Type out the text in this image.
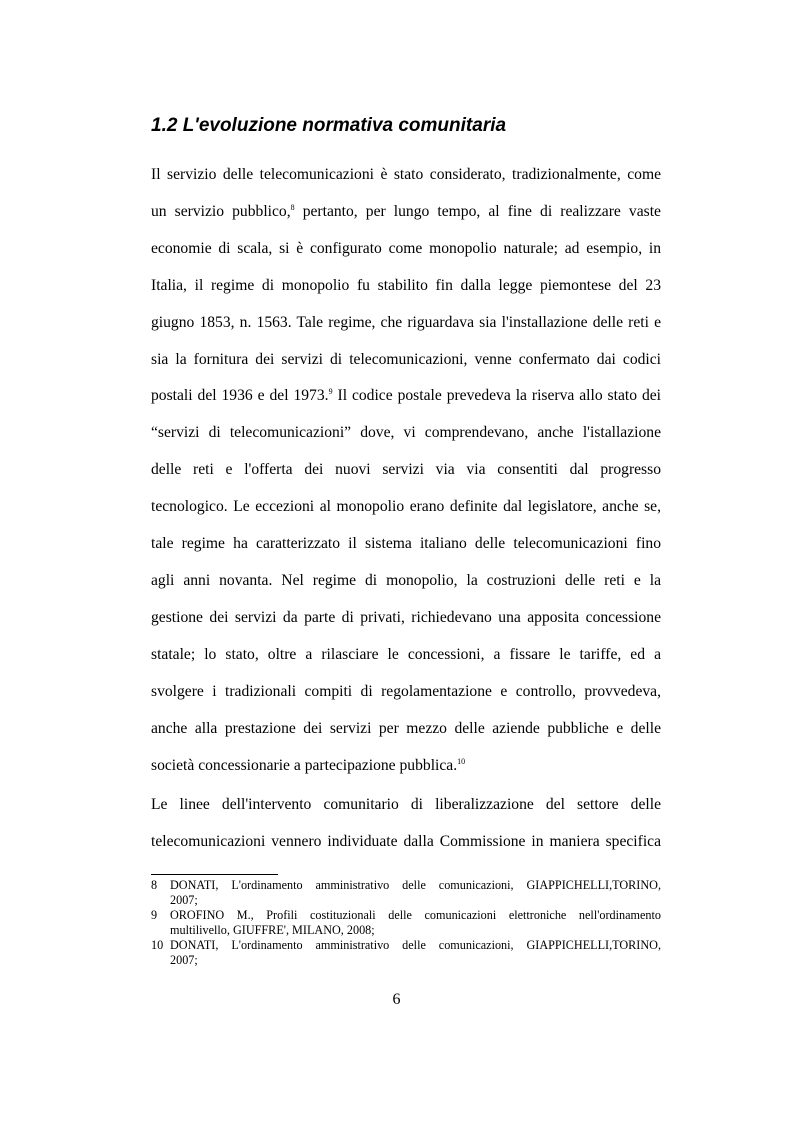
1.2 L'evoluzione normativa comunitaria
Il servizio delle telecomunicazioni è stato considerato, tradizionalmente, come
un servizio pubblico,$^8$ pertanto, per lungo tempo, al fine di realizzare vaste
economie di scala, si è configurato come monopolio naturale; ad esempio, in
Italia, il regime di monopolio fu stabilito fin dalla legge piemontese del 23
giugno 1853, n. 1563. Tale regime, che riguardava sia l'installazione delle reti e
sia la fornitura dei servizi di telecomunicazioni, venne confermato dai codici
postali del 1936 e del 1973.$^9$ Il codice postale prevedeva la riserva allo stato dei
“servizi di telecomunicazioni” dove, vi comprendevano, anche l'istallazione
delle reti e l'offerta dei nuovi servizi via via consentiti dal progresso
tecnologico. Le eccezioni al monopolio erano definite dal legislatore, anche se,
tale regime ha caratterizzato il sistema italiano delle telecomunicazioni fino
agli anni novanta. Nel regime di monopolio, la costruzioni delle reti e la
gestione dei servizi da parte di privati, richiedevano una apposita concessione
statale; lo stato, oltre a rilasciare le concessioni, a fissare le tariffe, ed a
svolgere i tradizionali compiti di regolamentazione e controllo, provvedeva,
anche alla prestazione dei servizi per mezzo delle aziende pubbliche e delle
società concessionarie a partecipazione pubblica.$^{10}$
Le linee dell'intervento comunitario di liberalizzazione del settore delle
telecomunicazioni vennero individuate dalla Commissione in maniera specifica
8	DONATI, L'ordinamento amministrativo delle comunicazioni, GIAPPICHELLI,TORINO,
2007;
9	OROFINO M., Profili costituzionali delle comunicazioni elettroniche nell'ordinamento
multilivello, GIUFFRE', MILANO, 2008;
10 DONATI, L'ordinamento amministrativo delle comunicazioni, GIAPPICHELLI,TORINO,
2007;
6
